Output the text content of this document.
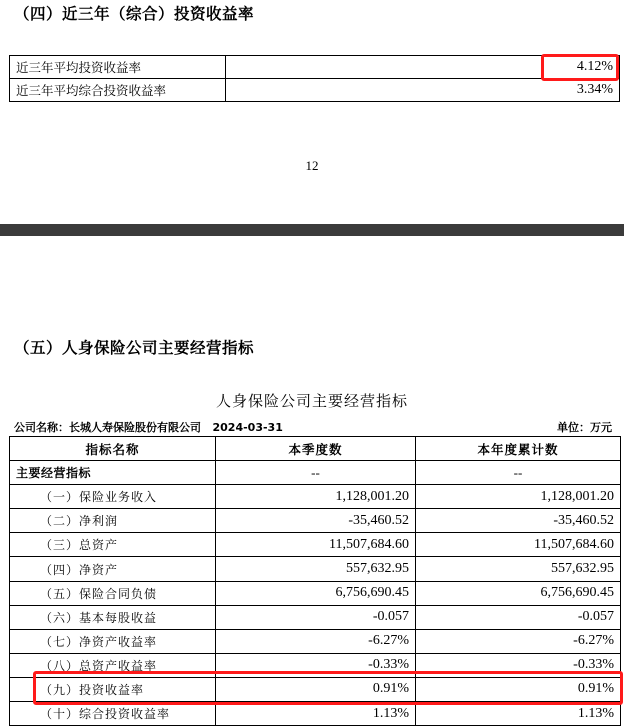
（四）近三年（综合）投资收益率
近三年平均投资收益率	4.12%
近三年平均综合投资收益率	3.34%
12
（五）人身保险公司主要经营指标
人身保险公司主要经营指标
公司名称：长城人寿保险股份有限公司   2024-03-31	单位：万元
指标名称	本季度数	本年度累计数
主要经营指标	--	--
（一）保险业务收入	1,128,001.20	1,128,001.20
（二）净利润	-35,460.52	-35,460.52
（三）总资产	11,507,684.60	11,507,684.60
（四）净资产	557,632.95	557,632.95
（五）保险合同负债	6,756,690.45	6,756,690.45
（六）基本每股收益	-0.057	-0.057
（七）净资产收益率	-6.27%	-6.27%
（八）总资产收益率	-0.33%	-0.33%
（九）投资收益率	0.91%	0.91%
（十）综合投资收益率	1.13%	1.13%
